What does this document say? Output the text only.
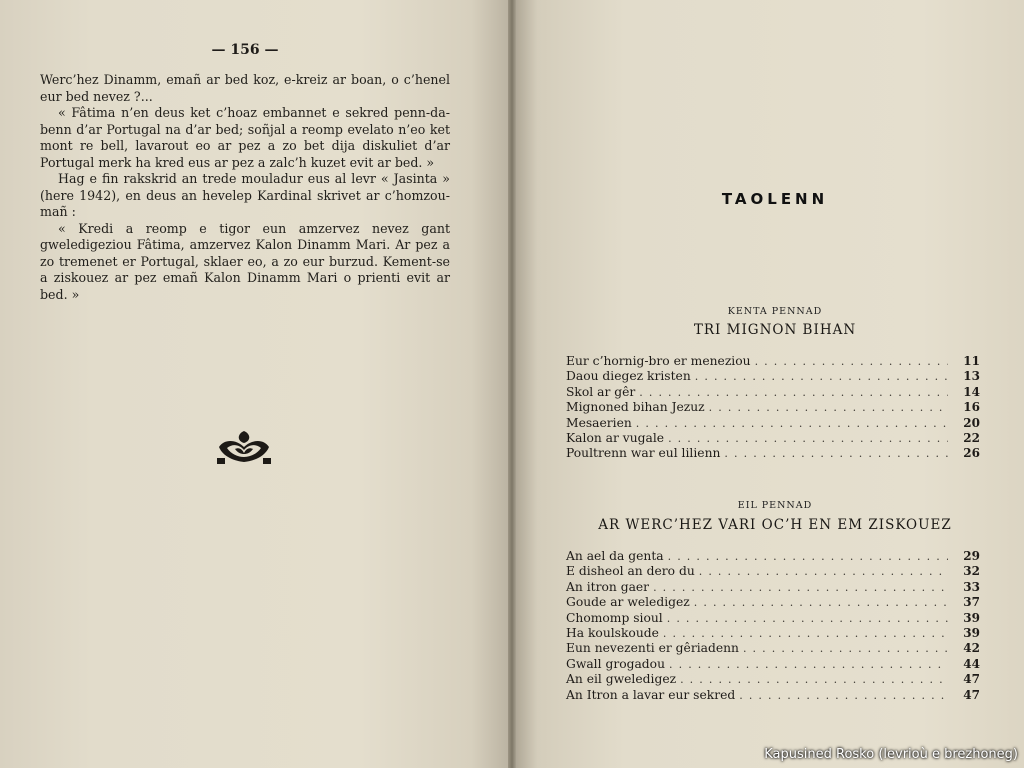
— 156 —

Werc’hez Dinamm, emañ ar bed koz, e-kreiz ar boan, o c’henel eur bed nevez ?...

« Fâtima n’en deus ket c’hoaz embannet e sekred penn-da-benn d’ar Portugal na d’ar bed; soñjal a reomp evelato n’eo ket mont re bell, lavarout eo ar pez a zo bet dija diskuliet d’ar Portugal merk ha kred eus ar pez a zalc’h kuzet evit ar bed. »

Hag e fin rakskrid an trede mouladur eus al levr « Jasinta » (here 1942), en deus an hevelep Kardinal skrivet ar c’homzou-mañ :

« Kredi a reomp e tigor eun amzervez nevez gant gweledigeziou Fâtima, amzervez Kalon Dinamm Mari. Ar pez a zo tremenet er Portugal, sklaer eo, a zo eur burzud. Kement-se a ziskouez ar pez emañ Kalon Dinamm Mari o prienti evit ar bed. »

TAOLENN
KENTA PENNAD
TRI MIGNON BIHAN
Eur c’hornig-bro er meneziou . . .	11
Daou diegez kristen . . .	13
Skol ar gêr . . .	14
Mignoned bihan Jezuz . . .	16
Mesaerien . . .	20
Kalon ar vugale . . .	22
Poultrenn war eul lilienn . . .	26
EIL PENNAD
AR WERC’HEZ VARI OC’H EN EM ZISKOUEZ
An ael da genta . . .	29
E disheol an dero du . . .	32
An itron gaer . . .	33
Goude ar weledigez . . .	37
Chomomp sioul . . .	39
Ha koulskoude . . .	39
Eun nevezenti er gêriadenn . . .	42
Gwall grogadou . . .	44
An eil gweledigez . . .	47
An Itron a lavar eur sekred . . .	47
Kapusined Rosko (levrioù e brezhoneg)
